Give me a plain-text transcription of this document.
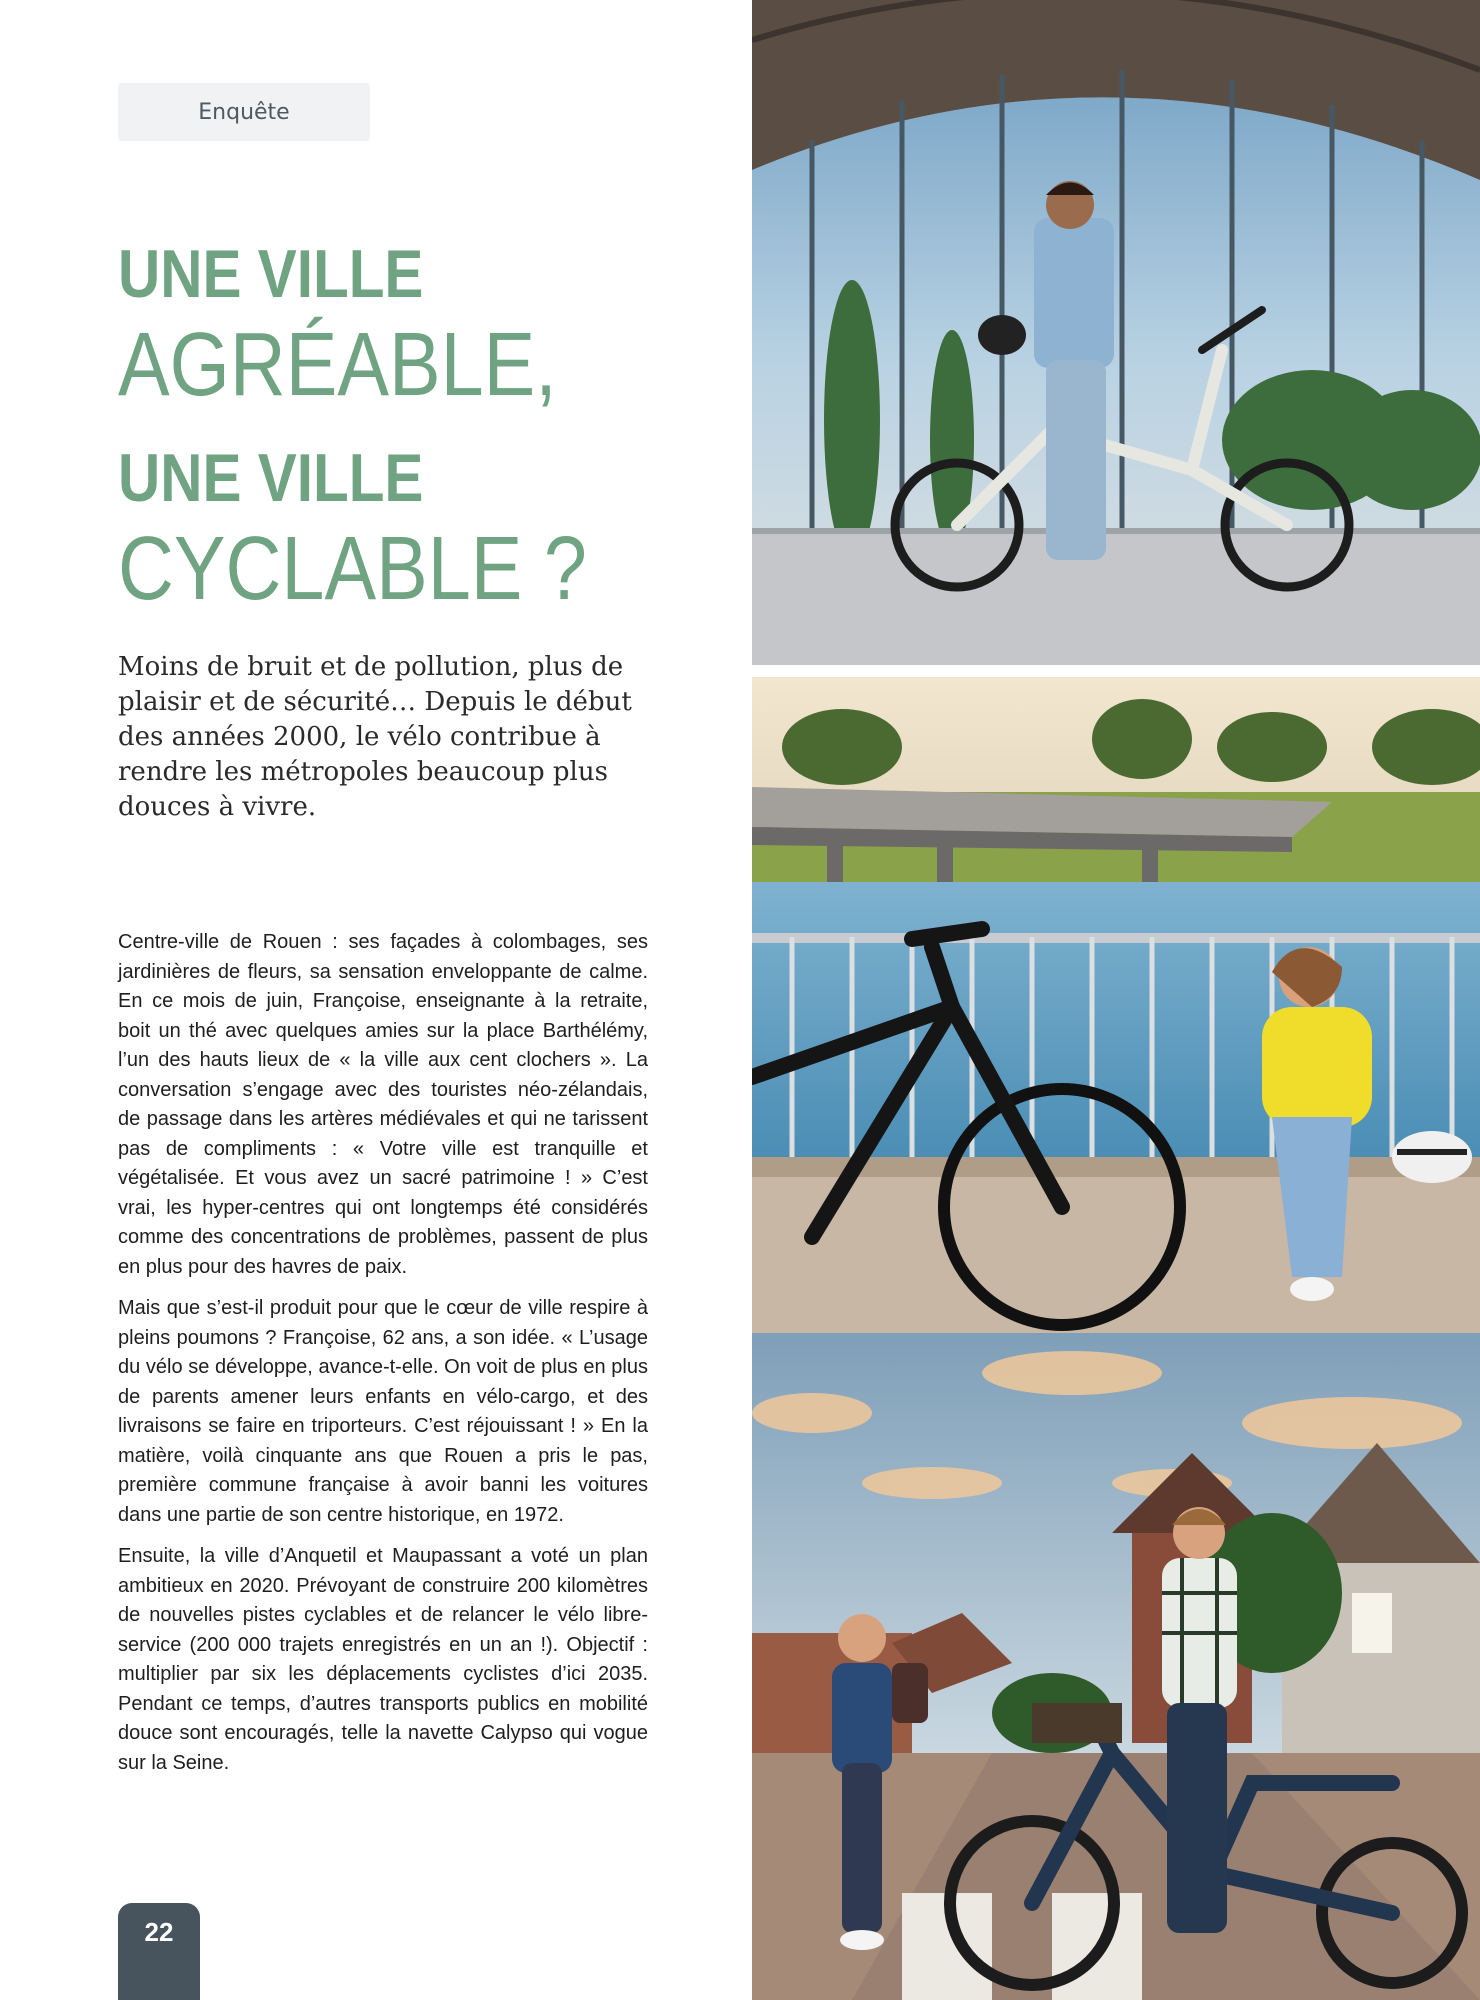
Enquête
UNE VILLE
AGRÉABLE,
UNE VILLE
CYCLABLE ?

Moins de bruit et de pollution, plus de plaisir et de sécurité… Depuis le début des années 2000, le vélo contribue à rendre les métropoles beaucoup plus douces à vivre.

Centre-ville de Rouen : ses façades à colombages, ses jardinières de fleurs, sa sensation enveloppante de calme. En ce mois de juin, Françoise, enseignante à la retraite, boit un thé avec quelques amies sur la place Barthélémy, l’un des hauts lieux de « la ville aux cent clochers ». La conversation s’engage avec des touristes néo-zélandais, de passage dans les artères médiévales et qui ne tarissent pas de compliments : « Votre ville est tranquille et végétalisée. Et vous avez un sacré patrimoine ! » C’est vrai, les hyper-centres qui ont longtemps été considérés comme des concentrations de problèmes, passent de plus en plus pour des havres de paix.

Mais que s’est-il produit pour que le cœur de ville respire à pleins poumons ? Françoise, 62 ans, a son idée. « L’usage du vélo se développe, avance-t-elle. On voit de plus en plus de parents amener leurs enfants en vélo-cargo, et des livraisons se faire en triporteurs. C’est réjouissant ! » En la matière, voilà cinquante ans que Rouen a pris le pas, première commune française à avoir banni les voitures dans une partie de son centre historique, en 1972.

Ensuite, la ville d’Anquetil et Maupassant a voté un plan ambitieux en 2020. Prévoyant de construire 200 kilomètres de nouvelles pistes cyclables et de relancer le vélo libre-service (200 000 trajets enregistrés en un an !). Objectif : multiplier par six les déplacements cyclistes d’ici 2035. Pendant ce temps, d’autres transports publics en mobilité douce sont encouragés, telle la navette Calypso qui vogue sur la Seine.

22
